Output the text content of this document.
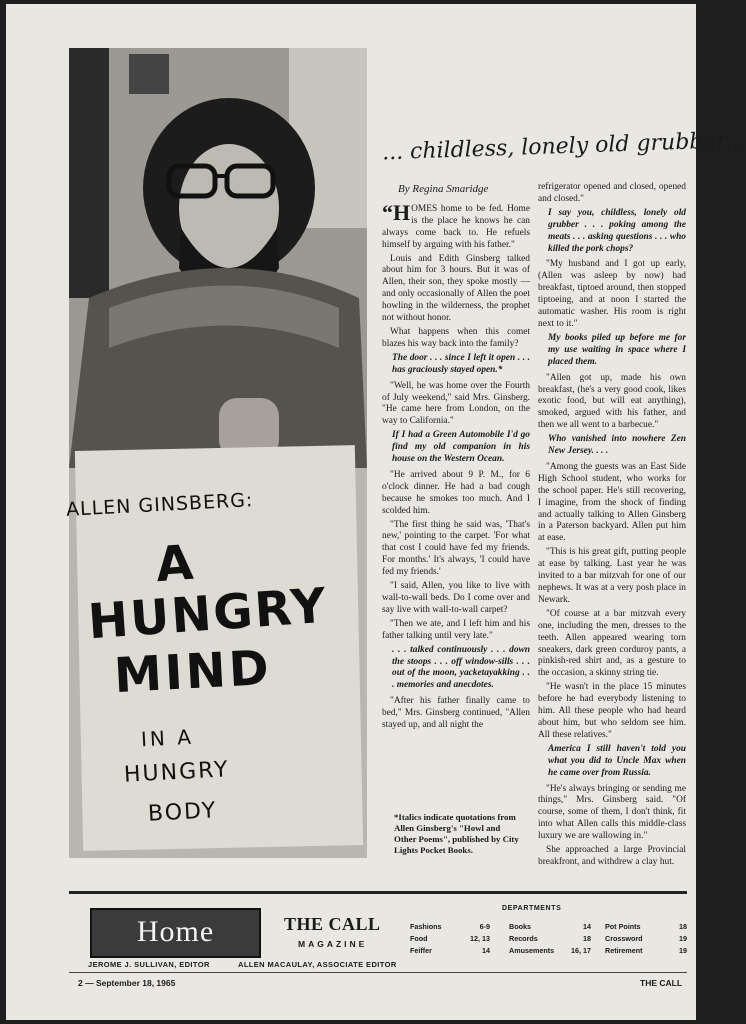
ALLEN GINSBERG:
A
HUNGRY
MIND
IN A
HUNGRY
BODY
... childless, lonely old grubber...
By Regina Smaridge

“H OMES home to be fed. Home is the place he knows he can always come back to. He refuels himself by arguing with his father."

Louis and Edith Ginsberg talked about him for 3 hours. But it was of Allen, their son, they spoke mostly — and only occasionally of Allen the poet howling in the wilderness, the prophet not without honor.

What happens when this comet blazes his way back into the family?

The door . . . since I left it open . . . has graciously stayed open.*

"Well, he was home over the Fourth of July weekend," said Mrs. Ginsberg. "He came here from London, on the way to California."

If I had a Green Automobile I'd go find my old companion in his house on the Western Ocean.

"He arrived about 9 P. M., for 6 o'clock dinner. He had a bad cough because he smokes too much. And I scolded him.

"The first thing he said was, 'That's new,' pointing to the carpet. 'For what that cost I could have fed my friends. For months.' It's always, 'I could have fed my friends.'

"I said, Allen, you like to live with wall-to-wall beds. Do I come over and say live with wall-to-wall carpet?

"Then we ate, and I left him and his father talking until very late."

. . . talked continuously . . . down the stoops . . . off window-sills . . . out of the moon, yacketayakking . . . memories and anecdotes.

"After his father finally came to bed," Mrs. Ginsberg continued, "Allen stayed up, and all night the

refrigerator opened and closed, opened and closed."

I say you, childless, lonely old grubber . . . poking among the meats . . . asking questions . . . who killed the pork chops?

"My husband and I got up early, (Allen was asleep by now) had breakfast, tiptoed around, then stopped tiptoeing, and at noon I started the automatic washer. His room is right next to it."

My books piled up before me for my use waiting in space where I placed them.

"Allen got up, made his own breakfast, (he's a very good cook, likes exotic food, but will eat anything), smoked, argued with his father, and then we all went to a barbecue."

Who vanished into nowhere Zen New Jersey. . . .

"Among the guests was an East Side High School student, who works for the school paper. He's still recovering, I imagine, from the shock of finding and actually talking to Allen Ginsberg in a Paterson backyard. Allen put him at ease.

"This is his great gift, putting people at ease by talking. Last year he was invited to a bar mitzvah for one of our nephews. It was at a very posh place in Newark.

"Of course at a bar mitzvah every one, including the men, dresses to the teeth. Allen appeared wearing torn sneakers, dark green corduroy pants, a pinkish-red shirt and, as a gesture to the occasion, a skinny string tie.

"He wasn't in the place 15 minutes before he had everybody listening to him. All these people who had heard about him, but who seldom see him. All these relatives."

America I still haven't told you what you did to Uncle Max when he came over from Russia.

"He's always bringing or sending me things," Mrs. Ginsberg said. "Of course, some of them, I don't think, fit into what Allen calls this middle-class luxury we are wallowing in."

She approached a large Provincial breakfront, and withdrew a clay hut.

*Italics indicate quotations from Allen Ginsberg's "Howl and Other Poems", published by City Lights Pocket Books.
Home
JEROME J. SULLIVAN, EDITOR
THE CALL
MAGAZINE
ALLEN MACAULAY, ASSOCIATE EDITOR
DEPARTMENTS
Fashions	6-9
Food	12, 13
Feiffer	14
Books	14
Records	18
Amusements 16, 17
Pot Points	18
Crossword	19
Retirement	19
2 — September 18, 1965	THE CALL
